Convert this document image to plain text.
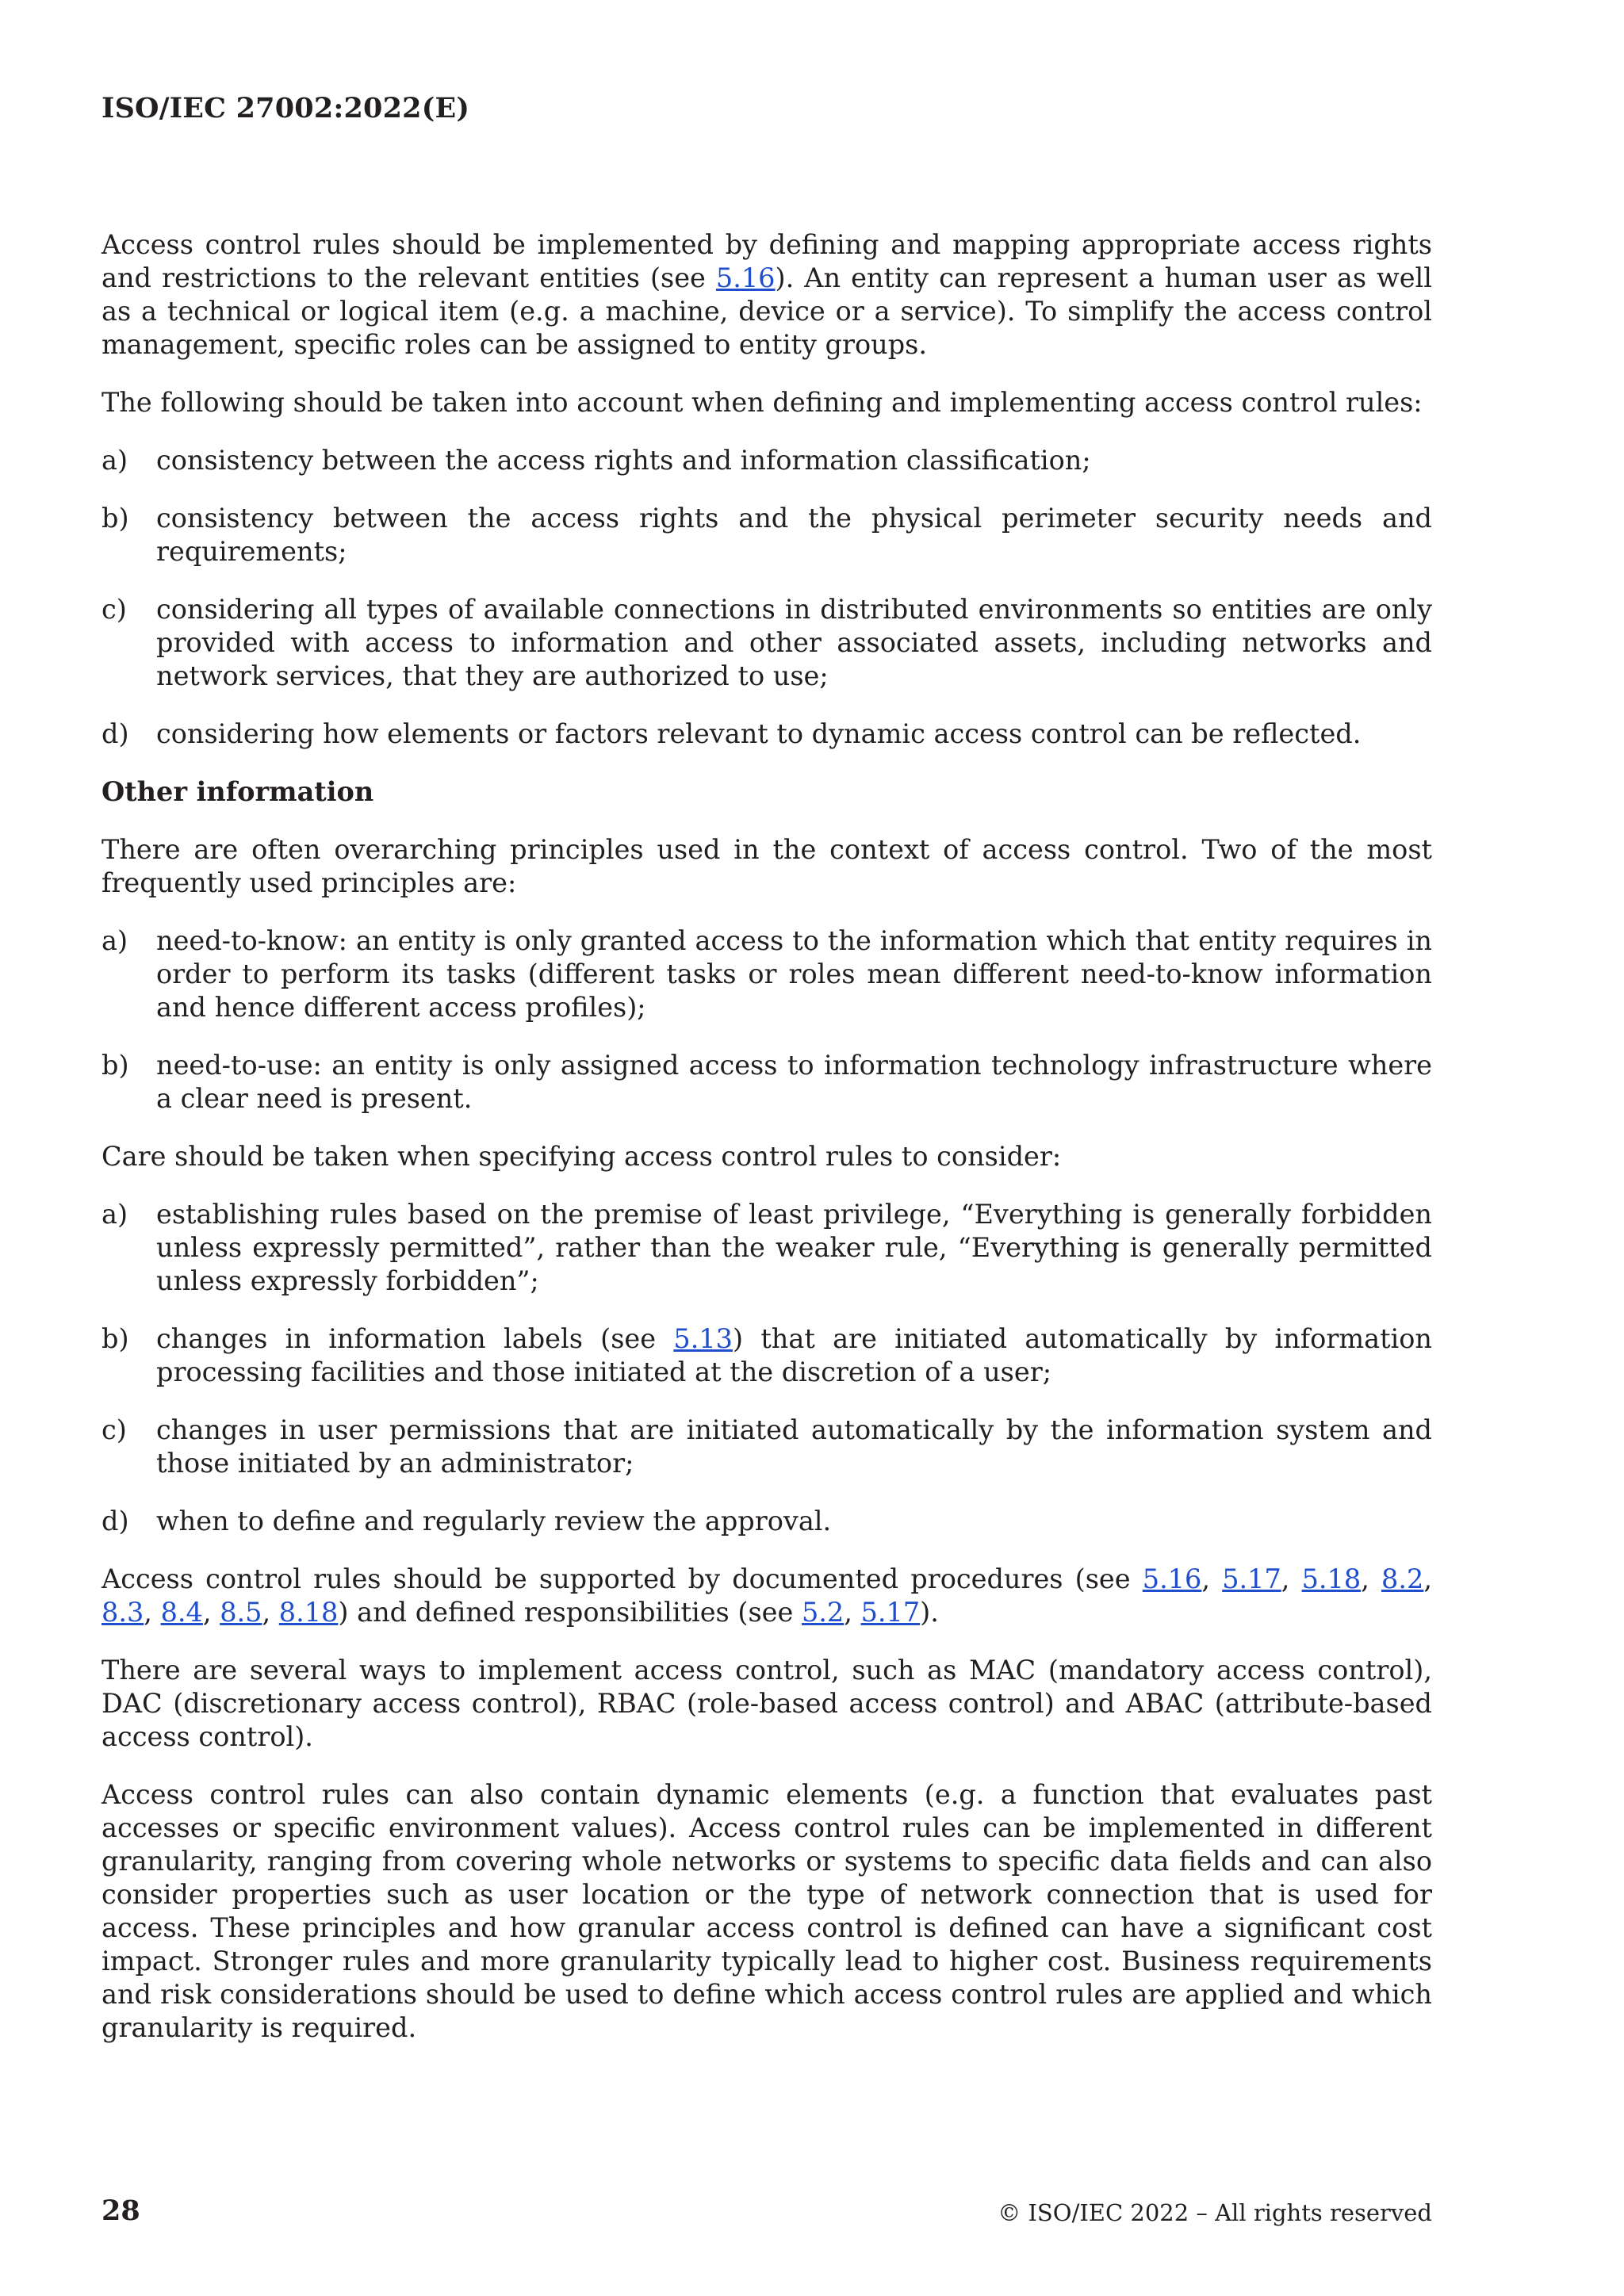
ISO/IEC 27002:2022(E)

Access control rules should be implemented by defining and mapping appropriate access rights and restrictions to the relevant entities (see 5.16). An entity can represent a human user as well as a technical or logical item (e.g. a machine, device or a service). To simplify the access control management, specific roles can be assigned to entity groups.

The following should be taken into account when defining and implementing access control rules:

a)	consistency between the access rights and information classification;
b)	consistency between the access rights and the physical perimeter security needs and requirements;
c)	considering all types of available connections in distributed environments so entities are only provided with access to information and other associated assets, including networks and network services, that they are authorized to use;
d)	considering how elements or factors relevant to dynamic access control can be reflected.

Other information

There are often overarching principles used in the context of access control. Two of the most frequently used principles are:

a)	need-to-know: an entity is only granted access to the information which that entity requires in order to perform its tasks (different tasks or roles mean different need-to-know information and hence different access profiles);
b)	need-to-use: an entity is only assigned access to information technology infrastructure where a clear need is present.

Care should be taken when specifying access control rules to consider:

a)	establishing rules based on the premise of least privilege, “Everything is generally forbidden unless expressly permitted”, rather than the weaker rule, “Everything is generally permitted unless expressly forbidden”;
b)	changes in information labels (see 5.13) that are initiated automatically by information processing facilities and those initiated at the discretion of a user;
c)	changes in user permissions that are initiated automatically by the information system and those initiated by an administrator;
d)	when to define and regularly review the approval.

Access control rules should be supported by documented procedures (see 5.16, 5.17, 5.18, 8.2, 8.3, 8.4, 8.5, 8.18) and defined responsibilities (see 5.2, 5.17).

There are several ways to implement access control, such as MAC (mandatory access control), DAC (discretionary access control), RBAC (role-based access control) and ABAC (attribute-based access control).

Access control rules can also contain dynamic elements (e.g. a function that evaluates past accesses or specific environment values). Access control rules can be implemented in different granularity, ranging from covering whole networks or systems to specific data fields and can also consider properties such as user location or the type of network connection that is used for access. These principles and how granular access control is defined can have a significant cost impact. Stronger rules and more granularity typically lead to higher cost. Business requirements and risk considerations should be used to define which access control rules are applied and which granularity is required.

28	© ISO/IEC 2022 – All rights reserved
